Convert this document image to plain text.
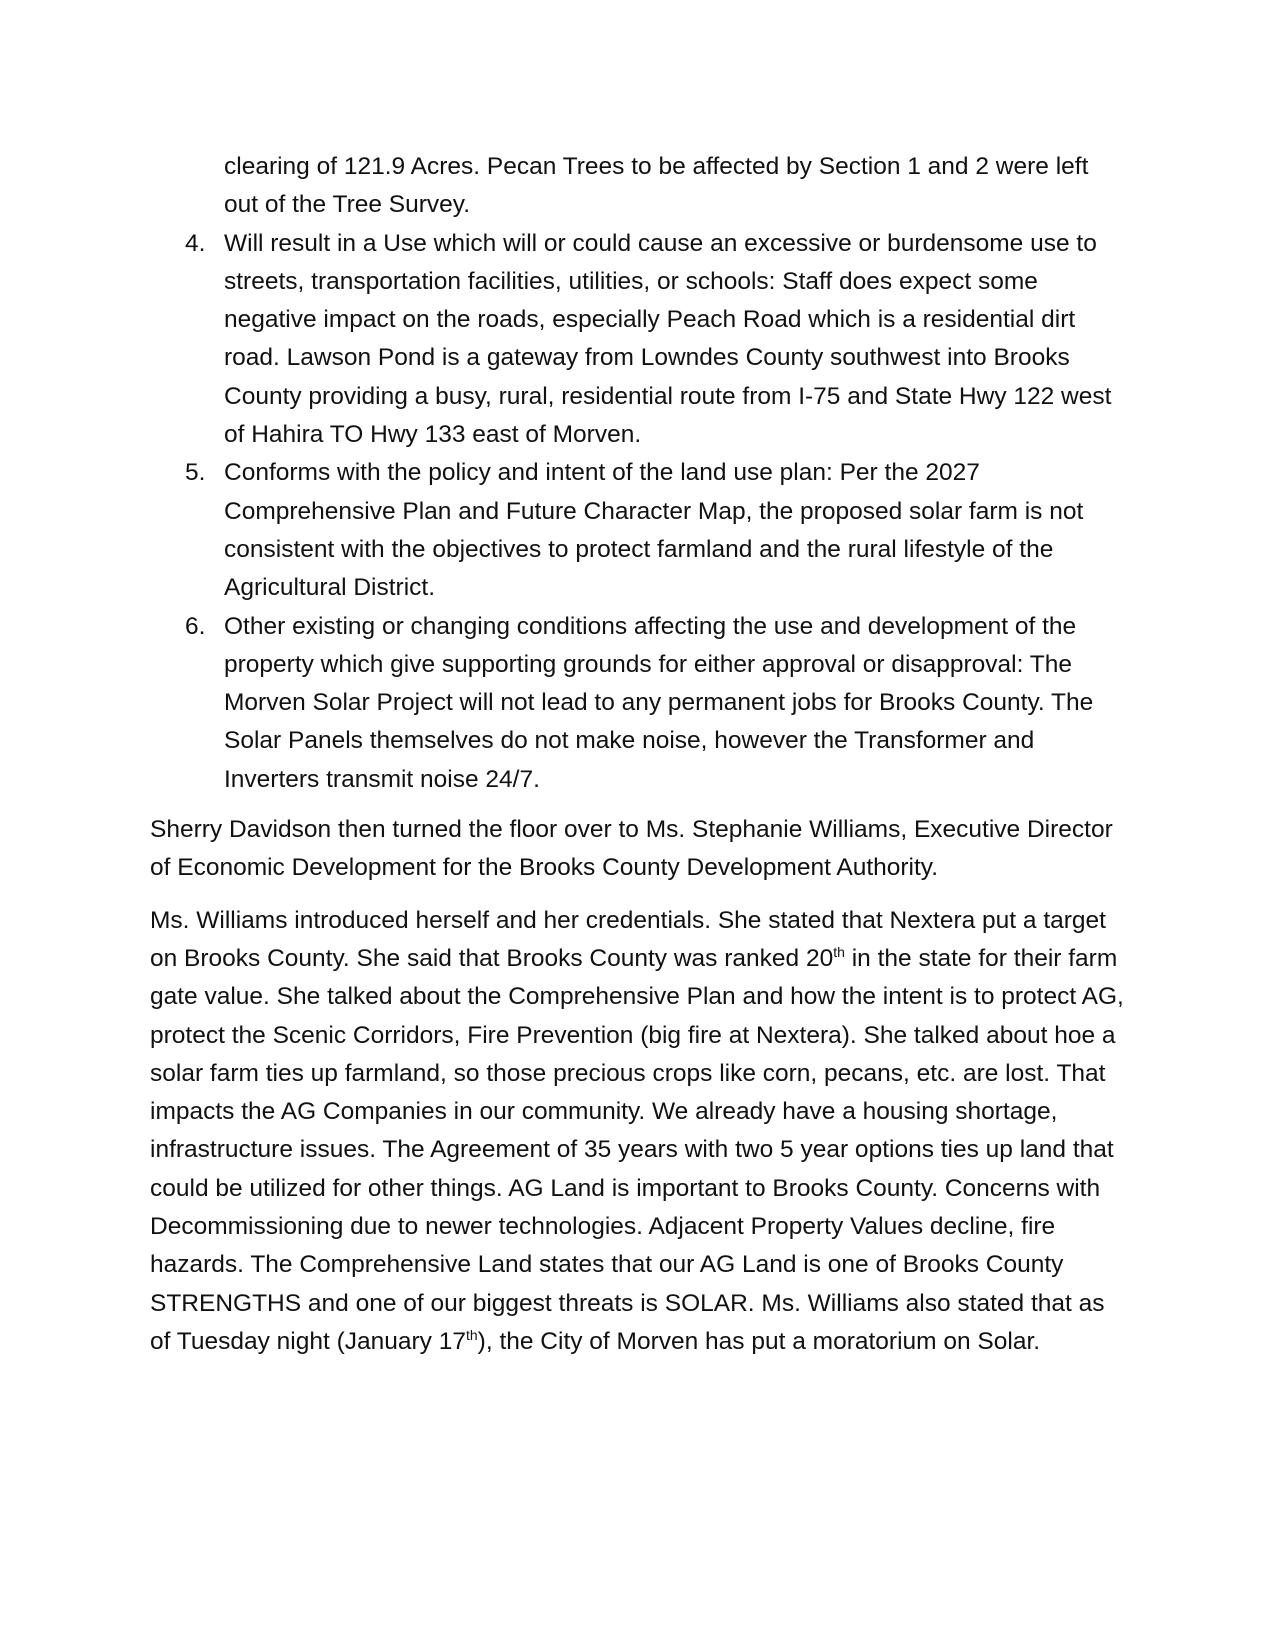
clearing of 121.9 Acres. Pecan Trees to be affected by Section 1 and 2 were left out of the Tree Survey.

4. Will result in a Use which will or could cause an excessive or burdensome use to streets, transportation facilities, utilities, or schools: Staff does expect some negative impact on the roads, especially Peach Road which is a residential dirt road. Lawson Pond is a gateway from Lowndes County southwest into Brooks County providing a busy, rural, residential route from I-75 and State Hwy 122 west of Hahira TO Hwy 133 east of Morven.
5. Conforms with the policy and intent of the land use plan: Per the 2027 Comprehensive Plan and Future Character Map, the proposed solar farm is not consistent with the objectives to protect farmland and the rural lifestyle of the Agricultural District.
6. Other existing or changing conditions affecting the use and development of the property which give supporting grounds for either approval or disapproval: The Morven Solar Project will not lead to any permanent jobs for Brooks County. The Solar Panels themselves do not make noise, however the Transformer and Inverters transmit noise 24/7.

Sherry Davidson then turned the floor over to Ms. Stephanie Williams, Executive Director of Economic Development for the Brooks County Development Authority.

Ms. Williams introduced herself and her credentials. She stated that Nextera put a target on Brooks County. She said that Brooks County was ranked 20th in the state for their farm gate value. She talked about the Comprehensive Plan and how the intent is to protect AG, protect the Scenic Corridors, Fire Prevention (big fire at Nextera). She talked about hoe a solar farm ties up farmland, so those precious crops like corn, pecans, etc. are lost. That impacts the AG Companies in our community. We already have a housing shortage, infrastructure issues. The Agreement of 35 years with two 5 year options ties up land that could be utilized for other things. AG Land is important to Brooks County. Concerns with Decommissioning due to newer technologies. Adjacent Property Values decline, fire hazards. The Comprehensive Land states that our AG Land is one of Brooks County STRENGTHS and one of our biggest threats is SOLAR. Ms. Williams also stated that as of Tuesday night (January 17th), the City of Morven has put a moratorium on Solar.
